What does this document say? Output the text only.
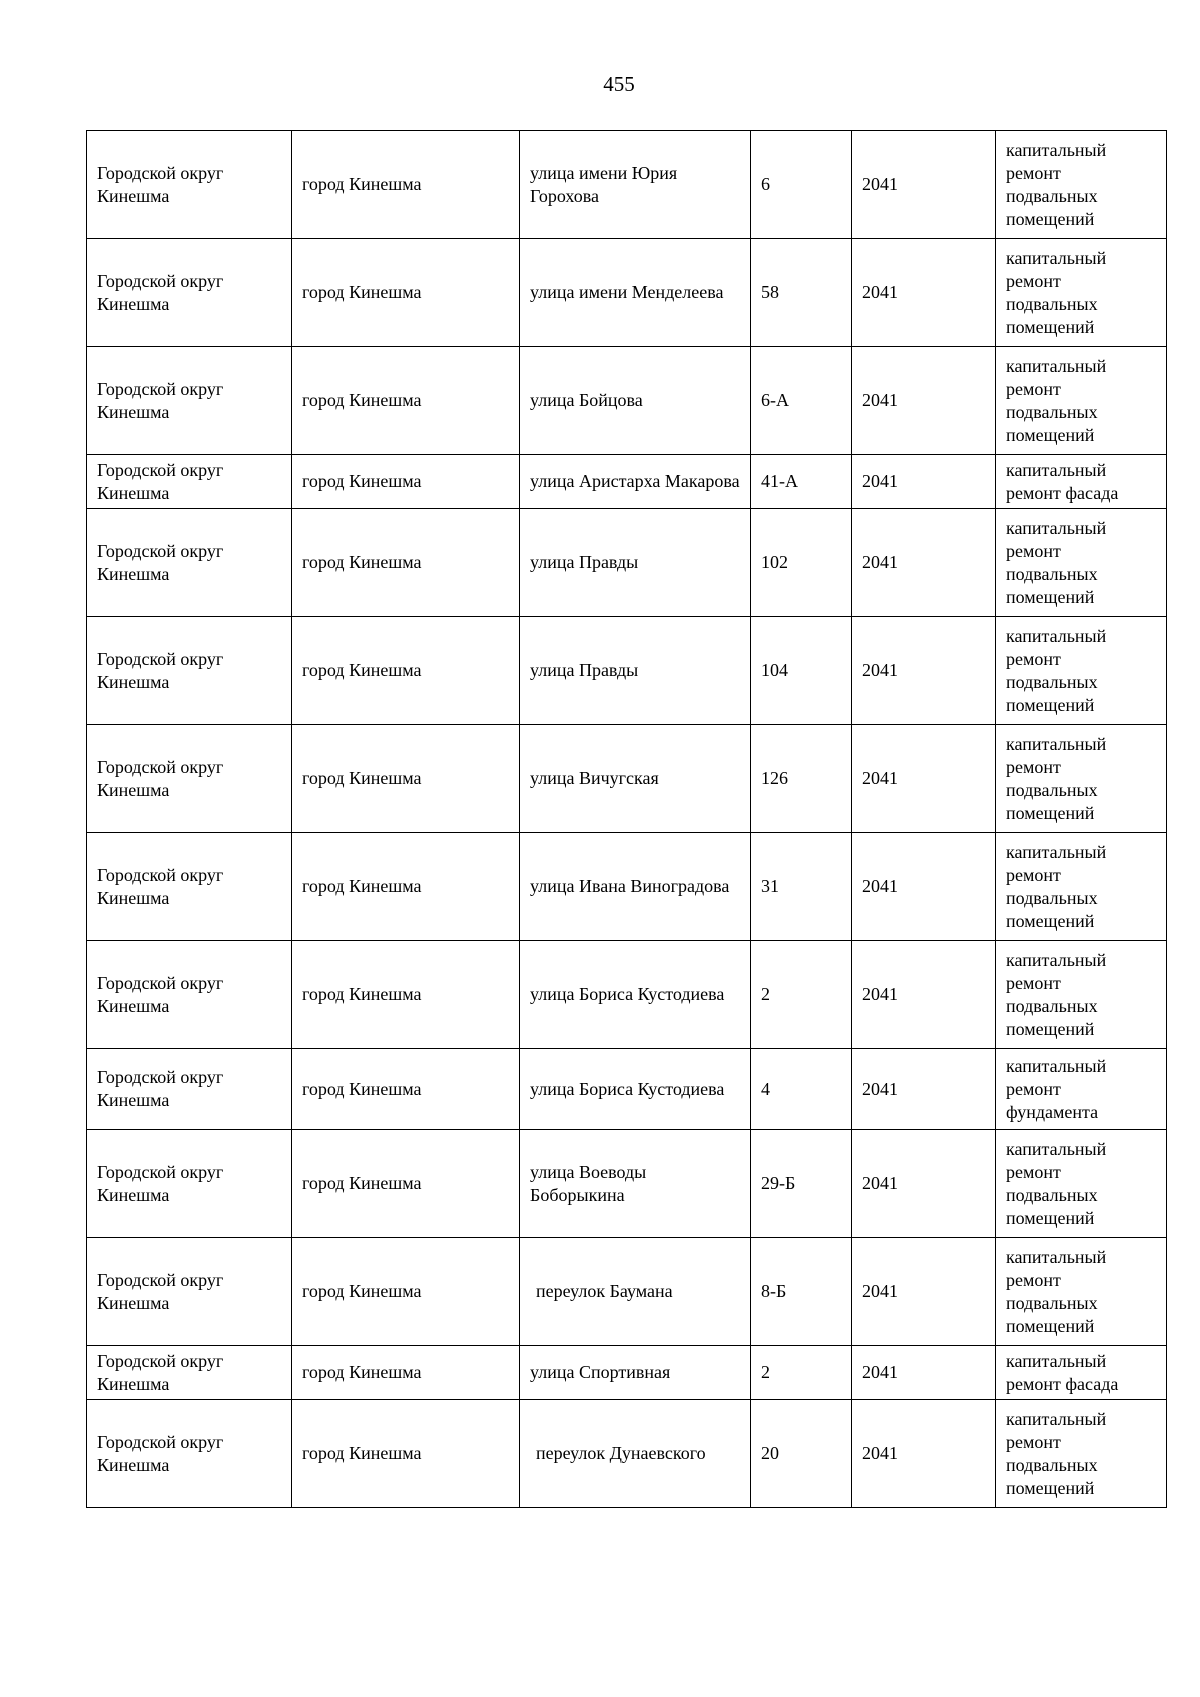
455
Городской округ Кинешма	город Кинешма	улица имени Юрия Горохова	6	2041	капитальный ремонт подвальных помещений
Городской округ Кинешма	город Кинешма	улица имени Менделеева	58	2041	капитальный ремонт подвальных помещений
Городской округ Кинешма	город Кинешма	улица Бойцова	6-А	2041	капитальный ремонт подвальных помещений
Городской округ Кинешма	город Кинешма	улица Аристарха Макарова	41-А	2041	капитальный ремонт фасада
Городской округ Кинешма	город Кинешма	улица Правды	102	2041	капитальный ремонт подвальных помещений
Городской округ Кинешма	город Кинешма	улица Правды	104	2041	капитальный ремонт подвальных помещений
Городской округ Кинешма	город Кинешма	улица Вичугская	126	2041	капитальный ремонт подвальных помещений
Городской округ Кинешма	город Кинешма	улица Ивана Виноградова	31	2041	капитальный ремонт подвальных помещений
Городской округ Кинешма	город Кинешма	улица Бориса Кустодиева	2	2041	капитальный ремонт подвальных помещений
Городской округ Кинешма	город Кинешма	улица Бориса Кустодиева	4	2041	капитальный ремонт фундамента
Городской округ Кинешма	город Кинешма	улица Воеводы Боборыкина	29-Б	2041	капитальный ремонт подвальных помещений
Городской округ Кинешма	город Кинешма	переулок Баумана	8-Б	2041	капитальный ремонт подвальных помещений
Городской округ Кинешма	город Кинешма	улица Спортивная	2	2041	капитальный ремонт фасада
Городской округ Кинешма	город Кинешма	переулок Дунаевского	20	2041	капитальный ремонт подвальных помещений
